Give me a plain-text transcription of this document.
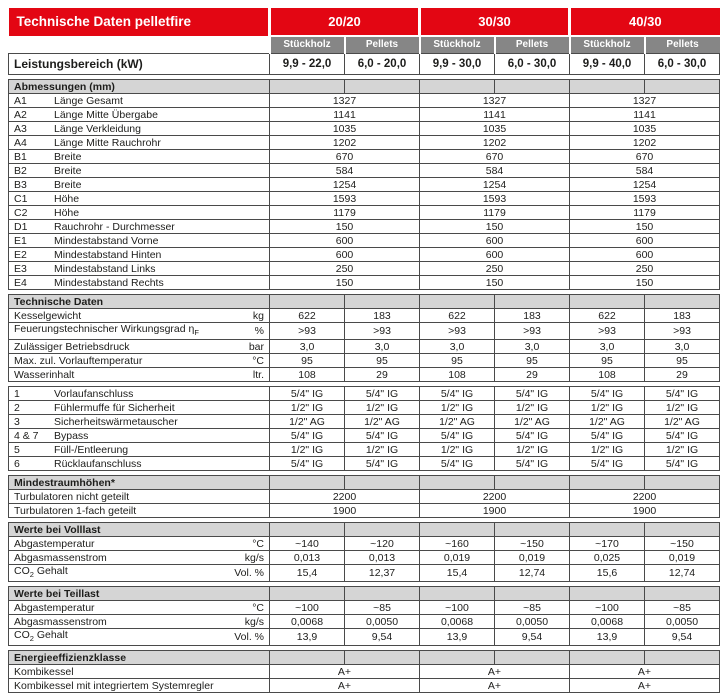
Technische Daten pelletfire	20/20		30/30		40/30	
	Stückholz	Pellets	Stückholz	Pellets	Stückholz	Pellets
Leistungsbereich (kW)	9,9 - 22,0	6,0 - 20,0	9,9 - 30,0	6,0 - 30,0	9,9 - 40,0	6,0 - 30,0
Abmessungen (mm)						

A1 Länge Gesamt	1327		1327		1327	

A2 Länge Mitte Übergabe	1141		1141		1141	

A3 Länge Verkleidung	1035		1035		1035	

A4 Länge Mitte Rauchrohr	1202		1202		1202	

B1 Breite	670		670		670	

B2 Breite	584		584		584	

B3 Breite	1254		1254		1254	

C1 Höhe	1593		1593		1593	

C2 Höhe	1179		1179		1179	

D1 Rauchrohr - Durchmesser	150		150		150	

E1 Mindestabstand Vorne	600		600		600	

E2 Mindestabstand Hinten	600		600		600	

E3 Mindestabstand Links	250		250		250	

E4 Mindestabstand Rechts	150		150		150	
Technische Daten						

Kesselgewicht kg	622	183	622	183	622	183

Feuerungstechnischer Wirkungsgrad $\eta_F$ %	>93	>93	>93	>93	>93	>93

Zulässiger Betriebsdruck bar	3,0	3,0	3,0	3,0	3,0	3,0

Max. zul. Vorlauftemperatur °C	95	95	95	95	95	95

Wasserinhalt ltr.	108	29	108	29	108	29
1 Vorlaufanschluss	5/4" IG	5/4" IG	5/4" IG	5/4" IG	5/4" IG	5/4" IG

2 Fühlermuffe für Sicherheit	1/2" IG	1/2" IG	1/2" IG	1/2" IG	1/2" IG	1/2" IG

3 Sicherheitswärmetauscher	1/2" AG	1/2" AG	1/2" AG	1/2" AG	1/2" AG	1/2" AG

4 & 7 Bypass	5/4" IG	5/4" IG	5/4" IG	5/4" IG	5/4" IG	5/4" IG

5 Füll-/Entleerung	1/2" IG	1/2" IG	1/2" IG	1/2" IG	1/2" IG	1/2" IG

6 Rücklaufanschluss	5/4" IG	5/4" IG	5/4" IG	5/4" IG	5/4" IG	5/4" IG
Mindestraumhöhen*						

Turbulatoren nicht geteilt	2200		2200		2200	

Turbulatoren 1-fach geteilt	1900		1900		1900	
Werte bei Volllast						

Abgastemperatur °C	~140	~120	~160	~150	~170	~150

Abgasmassenstrom kg/s	0,013	0,013	0,019	0,019	0,025	0,019

$CO_2$ Gehalt Vol. %	15,4	12,37	15,4	12,74	15,6	12,74
Werte bei Teillast						

Abgastemperatur °C	~100	~85	~100	~85	~100	~85

Abgasmassenstrom kg/s	0,0068	0,0050	0,0068	0,0050	0,0068	0,0050

$CO_2$ Gehalt Vol. %	13,9	9,54	13,9	9,54	13,9	9,54
Energieeffizienzklasse						

Kombikessel	A+		A+		A+	

Kombikessel mit integriertem Systemregler	A+		A+		A+	
